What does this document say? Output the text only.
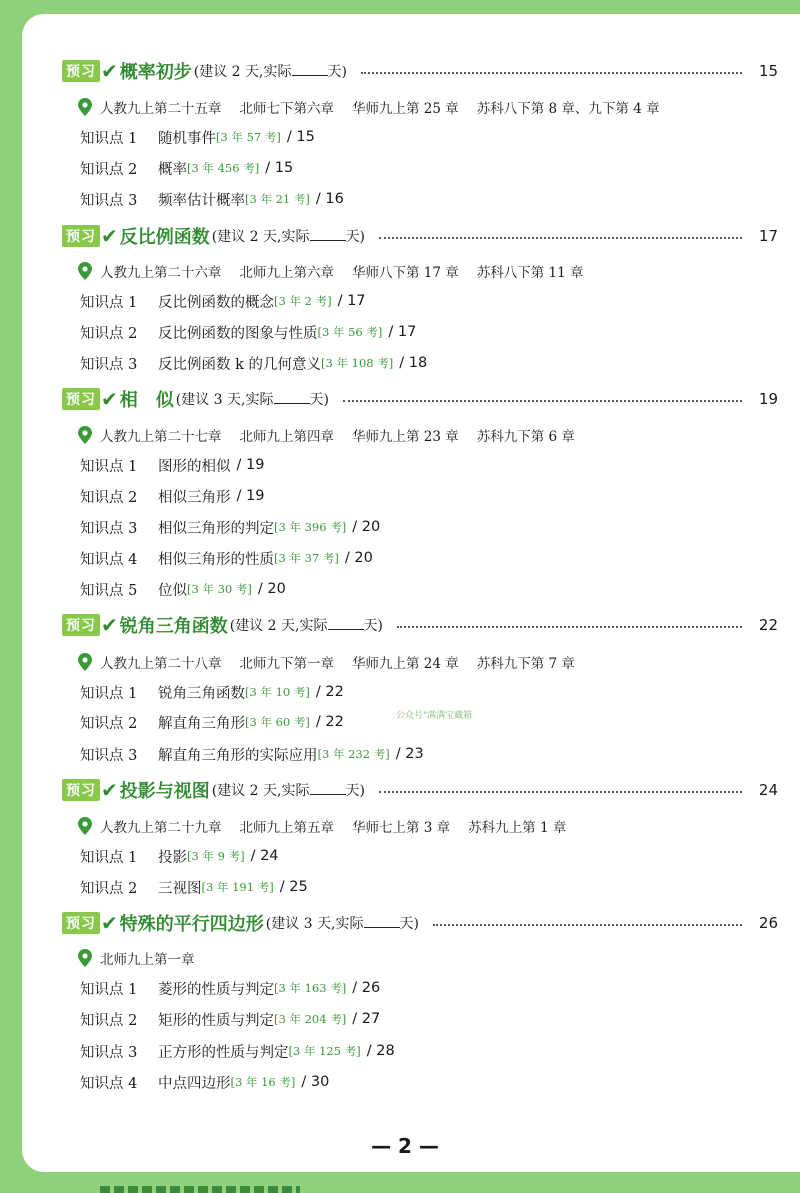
预习 ✔ 概率初步 (建议 2 天,实际	天)	15
人教九上第二十五章 北师七下第六章 华师九上第 25 章 苏科八下第 8 章、九下第 4 章
知识点 1	随机事件 [3 年 57 考] / 15
知识点 2	概率 [3 年 456 考] / 15
知识点 3	频率估计概率 [3 年 21 考] / 16
预习 ✔ 反比例函数 (建议 2 天,实际	天)	17
人教九上第二十六章 北师九上第六章 华师八下第 17 章 苏科八下第 11 章
知识点 1	反比例函数的概念 [3 年 2 考] / 17
知识点 2	反比例函数的图象与性质 [3 年 56 考] / 17
知识点 3	反比例函数 k 的几何意义 [3 年 108 考] / 18
预习 ✔ 相　似 (建议 3 天,实际	天)	19
人教九上第二十七章 北师九上第四章 华师九上第 23 章 苏科九下第 6 章
知识点 1	图形的相似 / 19
知识点 2	相似三角形 / 19
知识点 3	相似三角形的判定 [3 年 396 考] / 20
知识点 4	相似三角形的性质 [3 年 37 考] / 20
知识点 5	位似 [3 年 30 考] / 20
预习 ✔ 锐角三角函数 (建议 2 天,实际	天)	22
人教九上第二十八章 北师九下第一章 华师九上第 24 章 苏科九下第 7 章
知识点 1	锐角三角函数 [3 年 10 考] / 22
知识点 2	解直角三角形 [3 年 60 考] / 22
知识点 3	解直角三角形的实际应用 [3 年 232 考] / 23
预习 ✔ 投影与视图 (建议 2 天,实际	天)	24
人教九上第二十九章 北师九上第五章 华师七上第 3 章 苏科九上第 1 章
知识点 1	投影 [3 年 9 考] / 24
知识点 2	三视图 [3 年 191 考] / 25
预习 ✔ 特殊的平行四边形 (建议 3 天,实际	天)	26
北师九上第一章
知识点 1	菱形的性质与判定 [3 年 163 考] / 26
知识点 2	矩形的性质与判定 [3 年 204 考] / 27
知识点 3	正方形的性质与判定 [3 年 125 考] / 28
知识点 4	中点四边形 [3 年 16 考] / 30
公众号"满满宝藏箱
— 2 —
